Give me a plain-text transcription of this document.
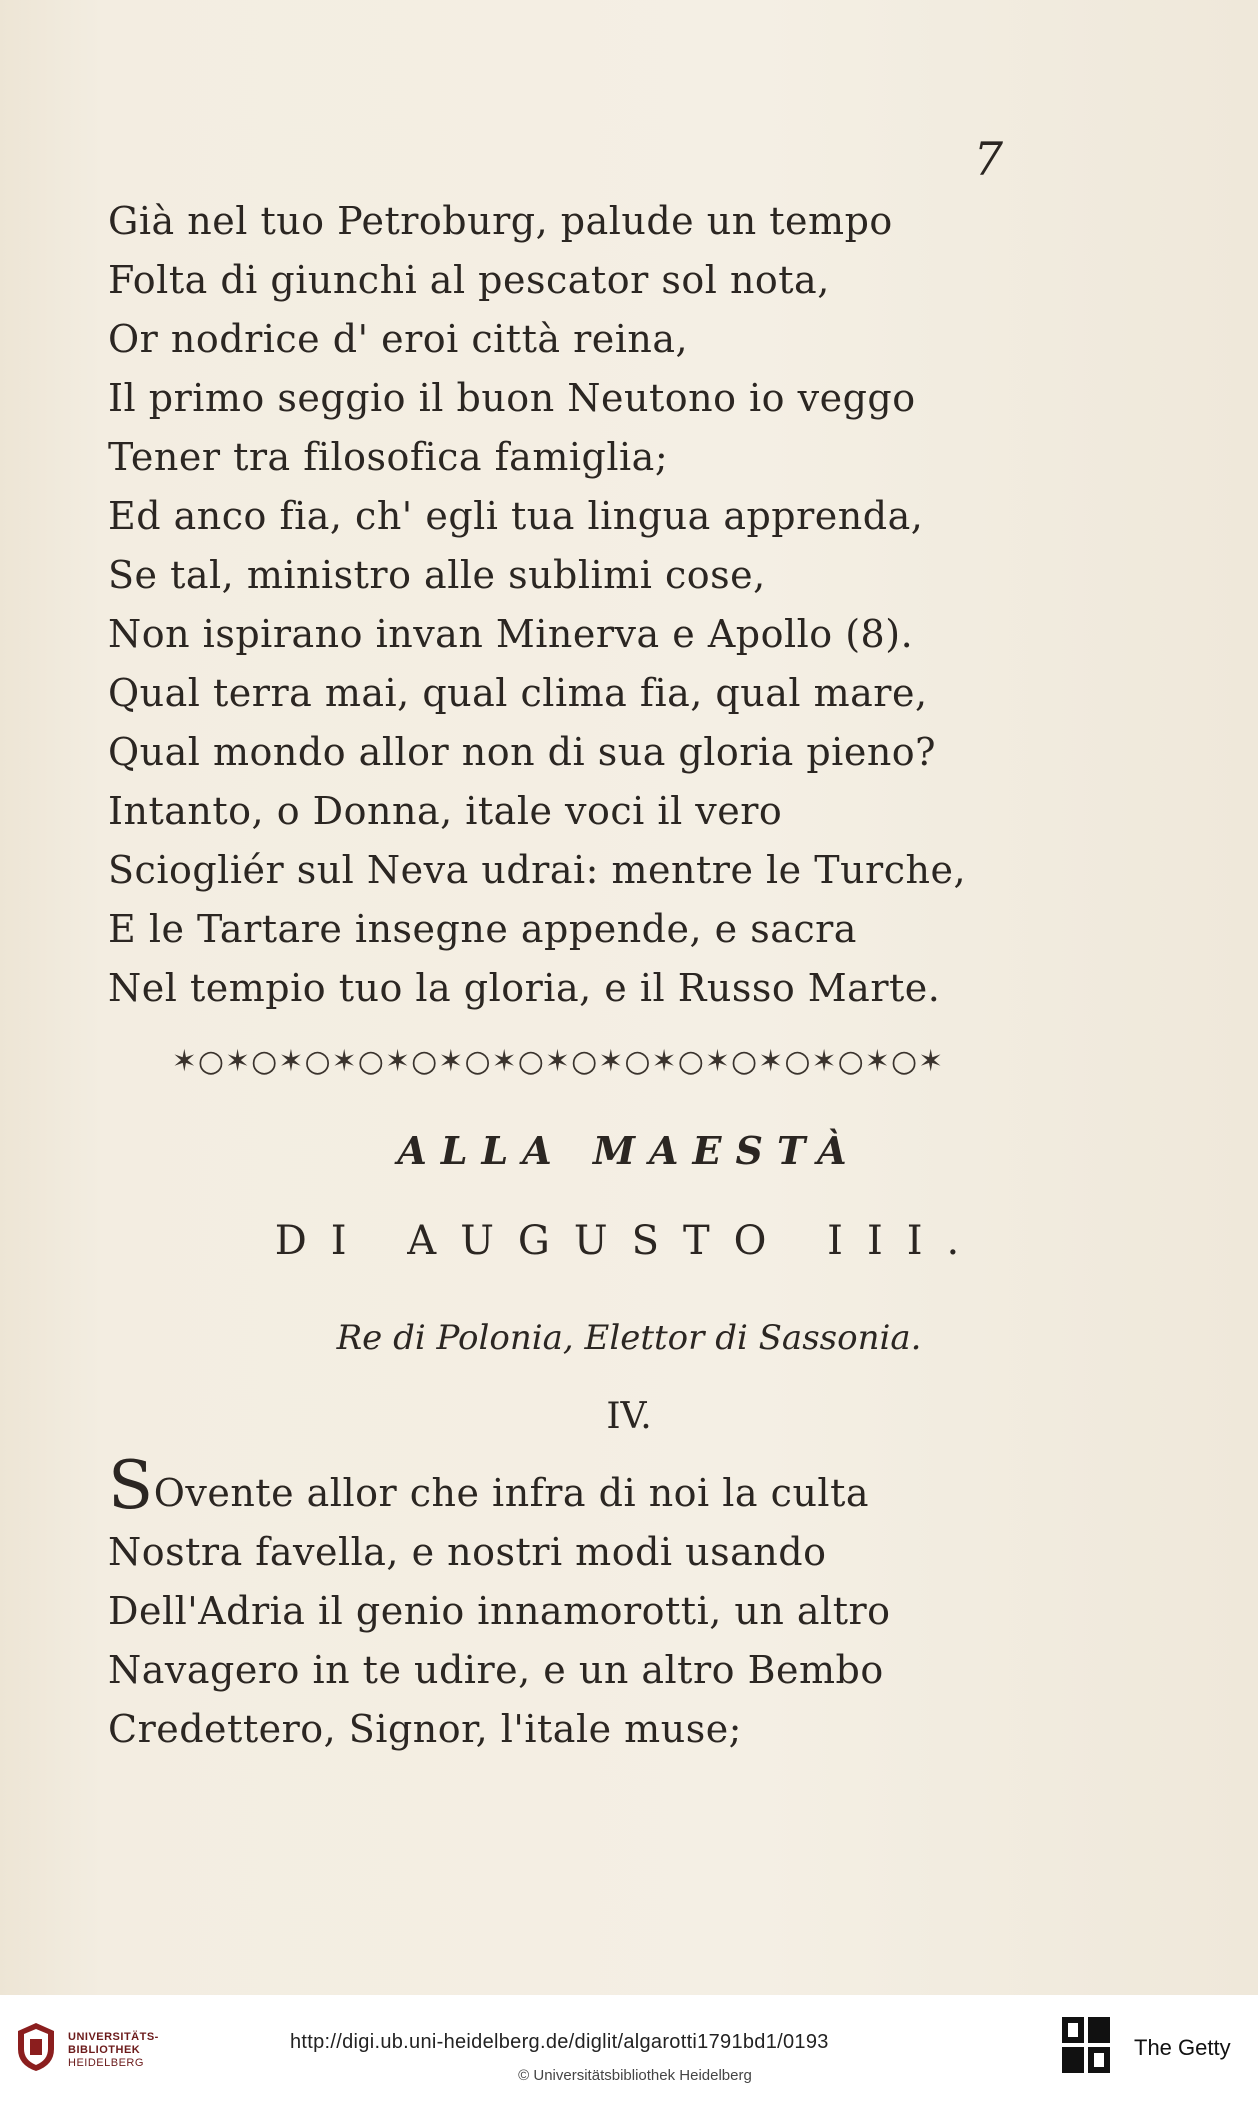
7
Già nel tuo Petroburg, palude un tempo
Folta di giunchi al pescator sol nota,
Or nodrice d' eroi città reina,
Il primo seggio il buon Neutono io veggo
Tener tra filosofica famiglia;
Ed anco fia, ch' egli tua lingua apprenda,
Se tal, ministro alle sublimi cose,
Non ispirano invan Minerva e Apollo (8).
Qual terra mai, qual clima fia, qual mare,
Qual mondo allor non di sua gloria pieno?
Intanto, o Donna, itale voci il vero
Sciogliér sul Neva udrai: mentre le Turche,
E le Tartare insegne appende, e sacra
Nel tempio tuo la gloria, e il Russo Marte.
✶○✶○✶○✶○✶○✶○✶○✶○✶○✶○✶○✶○✶○✶○✶
ALLA MAESTÀ
DI AUGUSTO III.
Re di Polonia, Elettor di Sassonia.
IV.
SOvente allor che infra di noi la culta
Nostra favella, e nostri modi usando
Dell'Adria il genio innamorotti, un altro
Navagero in te udire, e un altro Bembo
Credettero, Signor, l'itale muse;
UNIVERSITÄTS-
BIBLIOTHEK
HEIDELBERG
http://digi.ub.uni-heidelberg.de/diglit/algarotti1791bd1/0193
© Universitätsbibliothek Heidelberg
The Getty
